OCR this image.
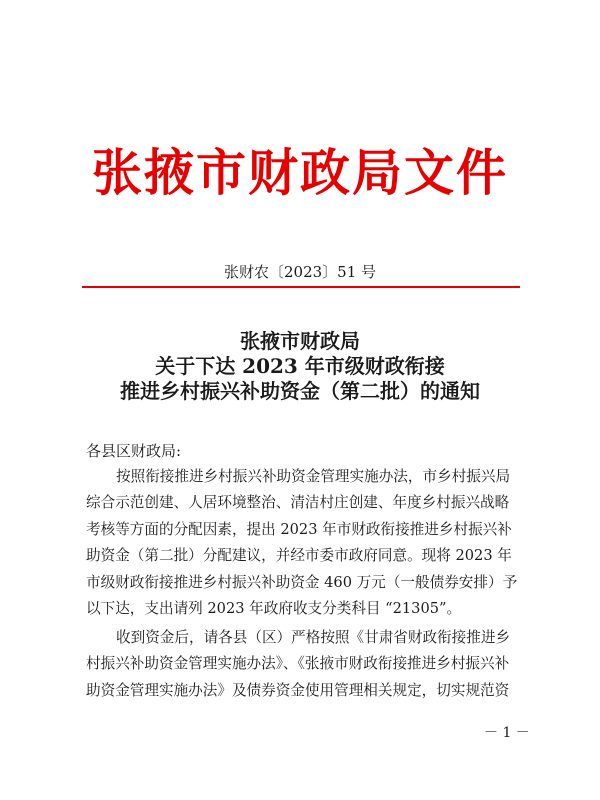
张掖市财政局文件
张财农〔2023〕51 号
张掖市财政局
关于下达 2023 年市级财政衔接
推进乡村振兴补助资金（第二批）的通知
各县区财政局:
按照衔接推进乡村振兴补助资金管理实施办法，市乡村振兴局
综合示范创建、人居环境整治、清洁村庄创建、年度乡村振兴战略
考核等方面的分配因素，提出 2023 年市财政衔接推进乡村振兴补
助资金（第二批）分配建议，并经市委市政府同意。现将 2023 年
市级财政衔接推进乡村振兴补助资金 460 万元（一般债券安排）予
以下达，支出请列 2023 年政府收支分类科目 “21305”。
收到资金后，请各县（区）严格按照《甘肃省财政衔接推进乡
村振兴补助资金管理实施办法》、《张掖市财政衔接推进乡村振兴补
助资金管理实施办法》及债券资金使用管理相关规定，切实规范资
－ 1 －
